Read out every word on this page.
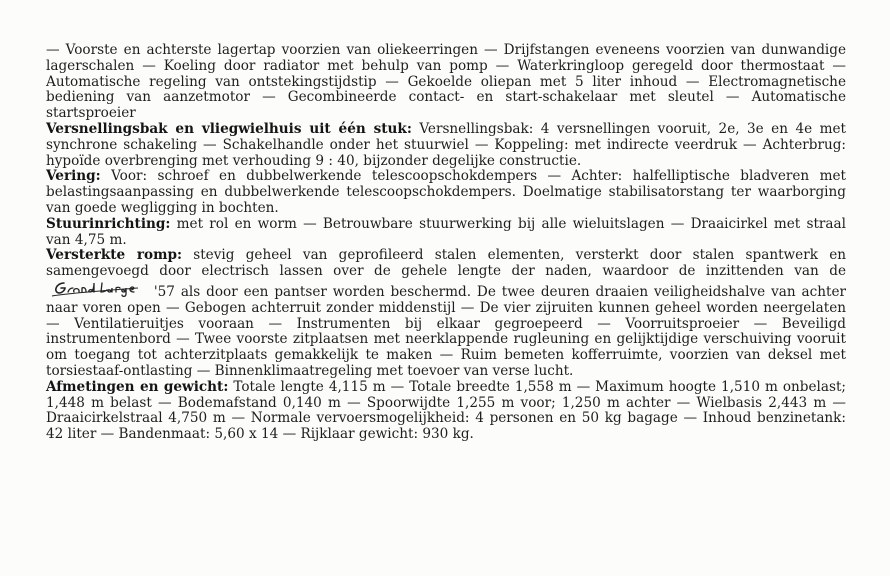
— Voorste en achterste lagertap voorzien van oliekeerringen — Drijfstangen eveneens voorzien van dunwandige lagerschalen — Koeling door radiator met behulp van pomp — Waterkringloop geregeld door thermostaat — Automatische regeling van ontstekingstijdstip — Gekoelde oliepan met 5 liter inhoud — Electromagnetische bediening van aanzetmotor — Gecombineerde contact- en start-schakelaar met sleutel — Automatische startsproeier

Versnellingsbak en vliegwielhuis uit één stuk: Versnellingsbak: 4 versnellingen vooruit, 2e, 3e en 4e met synchrone schakeling — Schakelhandle onder het stuurwiel — Koppeling: met indirecte veerdruk — Achterbrug: hypoïde overbrenging met verhouding 9 : 40, bijzonder degelijke constructie.

Vering: Voor: schroef en dubbelwerkende telescoopschokdempers — Achter: halfelliptische bladveren met belastingsaanpassing en dubbelwerkende telescoopschokdempers. Doelmatige stabilisatorstang ter waarborging van goede wegligging in bochten.

Stuurinrichting: met rol en worm — Betrouwbare stuurwerking bij alle wieluitslagen — Draaicirkel met straal van 4,75 m.

Versterkte romp: stevig geheel van geprofileerd stalen elementen, versterkt door stalen spantwerk en samengevoegd door electrisch lassen over de gehele lengte der naden, waardoor de inzittenden van de
'57 als door een pantser worden beschermd. De twee deuren draaien veiligheidshalve van achter naar voren open — Gebogen achterruit zonder middenstijl — De vier zijruiten kunnen geheel worden neergelaten — Ventilatieruitjes vooraan — Instrumenten bij elkaar gegroepeerd — Voorruitsproeier — Beveiligd instrumentenbord — Twee voorste zitplaatsen met neerklappende rugleuning en gelijktijdige verschuiving vooruit om toegang tot achterzitplaats gemakkelijk te maken — Ruim bemeten kofferruimte, voorzien van deksel met torsiestaaf-ontlasting — Binnenklimaatregeling met toevoer van verse lucht.

Afmetingen en gewicht: Totale lengte 4,115 m — Totale breedte 1,558 m — Maximum hoogte 1,510 m onbelast; 1,448 m belast — Bodemafstand 0,140 m — Spoorwijdte 1,255 m voor; 1,250 m achter — Wielbasis 2,443 m — Draaicirkelstraal 4,750 m — Normale vervoersmogelijkheid: 4 personen en 50 kg bagage — Inhoud benzinetank: 42 liter — Bandenmaat: 5,60 x 14 — Rijklaar gewicht: 930 kg.
